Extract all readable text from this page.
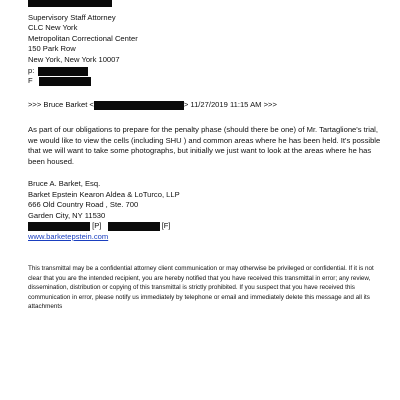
Supervisory Staff Attorney
CLC New York
Metropolitan Correctional Center
150 Park Row
New York, New York 10007
p:
F
>>> Bruce Barket <	> 11/27/2019 11:15 AM >>>
As part of our obligations to prepare for the penalty phase (should there be one) of Mr. Tartaglione's trial, we would like to view the cells (including SHU ) and common areas where he has been held. It's possible that we will want to take some photographs, but initially we just want to look at the areas where he has been housed.
Bruce A. Barket, Esq.
Barket Epstein Kearon Aldea & LoTurco, LLP
666 Old Country Road , Ste. 700
Garden City, NY 11530
[P]	[F]
www.barketepstein.com
This transmittal may be a confidential attorney client communication or may otherwise be privileged or confidential. If it is not clear that you are the intended recipient, you are hereby notified that you have received this transmittal in error; any review, dissemination, distribution or copying of this transmittal is strictly prohibited. If you suspect that you have received this communication in error, please notify us immediately by telephone or email and immediately delete this message and all its attachments
